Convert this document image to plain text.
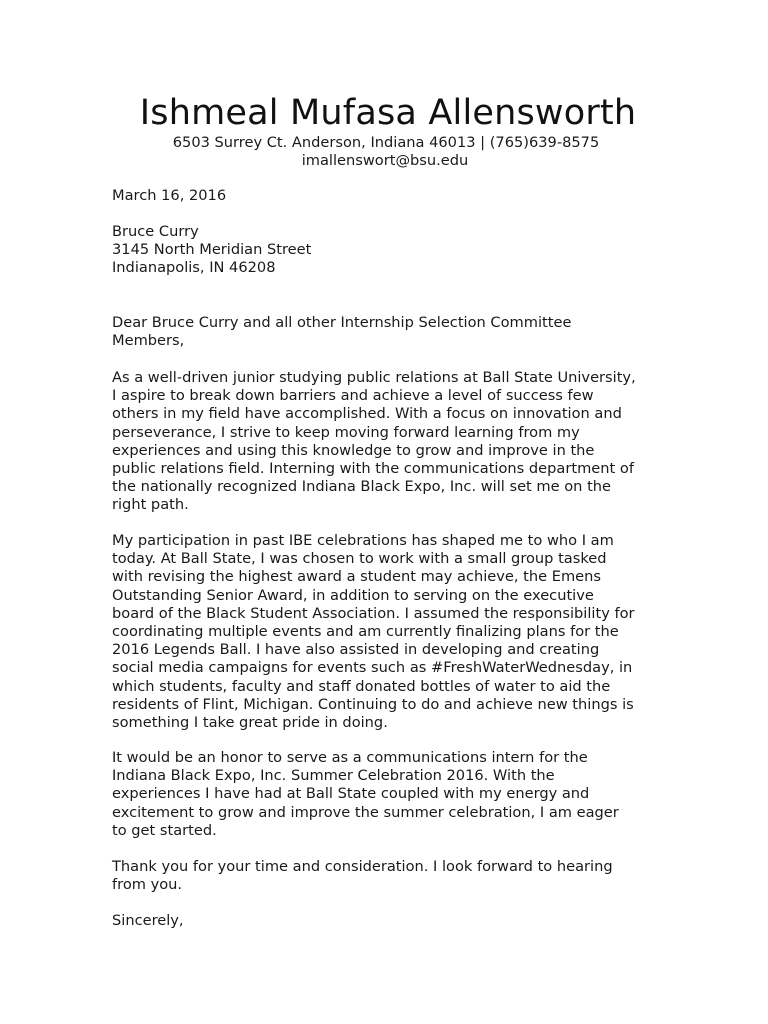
Ishmeal Mufasa Allensworth

6503 Surrey Ct. Anderson, Indiana 46013 | (765)639-8575

imallenswort@bsu.edu

March 16, 2016
Bruce Curry
3145 North Meridian Street
Indianapolis, IN 46208
Dear Bruce Curry and all other Internship Selection Committee
Members,
As a well-driven junior studying public relations at Ball State University,
I aspire to break down barriers and achieve a level of success few
others in my field have accomplished. With a focus on innovation and
perseverance, I strive to keep moving forward learning from my
experiences and using this knowledge to grow and improve in the
public relations field. Interning with the communications department of
the nationally recognized Indiana Black Expo, Inc. will set me on the
right path.
My participation in past IBE celebrations has shaped me to who I am
today. At Ball State, I was chosen to work with a small group tasked
with revising the highest award a student may achieve, the Emens
Outstanding Senior Award, in addition to serving on the executive
board of the Black Student Association. I assumed the responsibility for
coordinating multiple events and am currently finalizing plans for the
2016 Legends Ball. I have also assisted in developing and creating
social media campaigns for events such as #FreshWaterWednesday, in
which students, faculty and staff donated bottles of water to aid the
residents of Flint, Michigan. Continuing to do and achieve new things is
something I take great pride in doing.
It would be an honor to serve as a communications intern for the
Indiana Black Expo, Inc. Summer Celebration 2016. With the
experiences I have had at Ball State coupled with my energy and
excitement to grow and improve the summer celebration, I am eager
to get started.
Thank you for your time and consideration. I look forward to hearing
from you.
Sincerely,
